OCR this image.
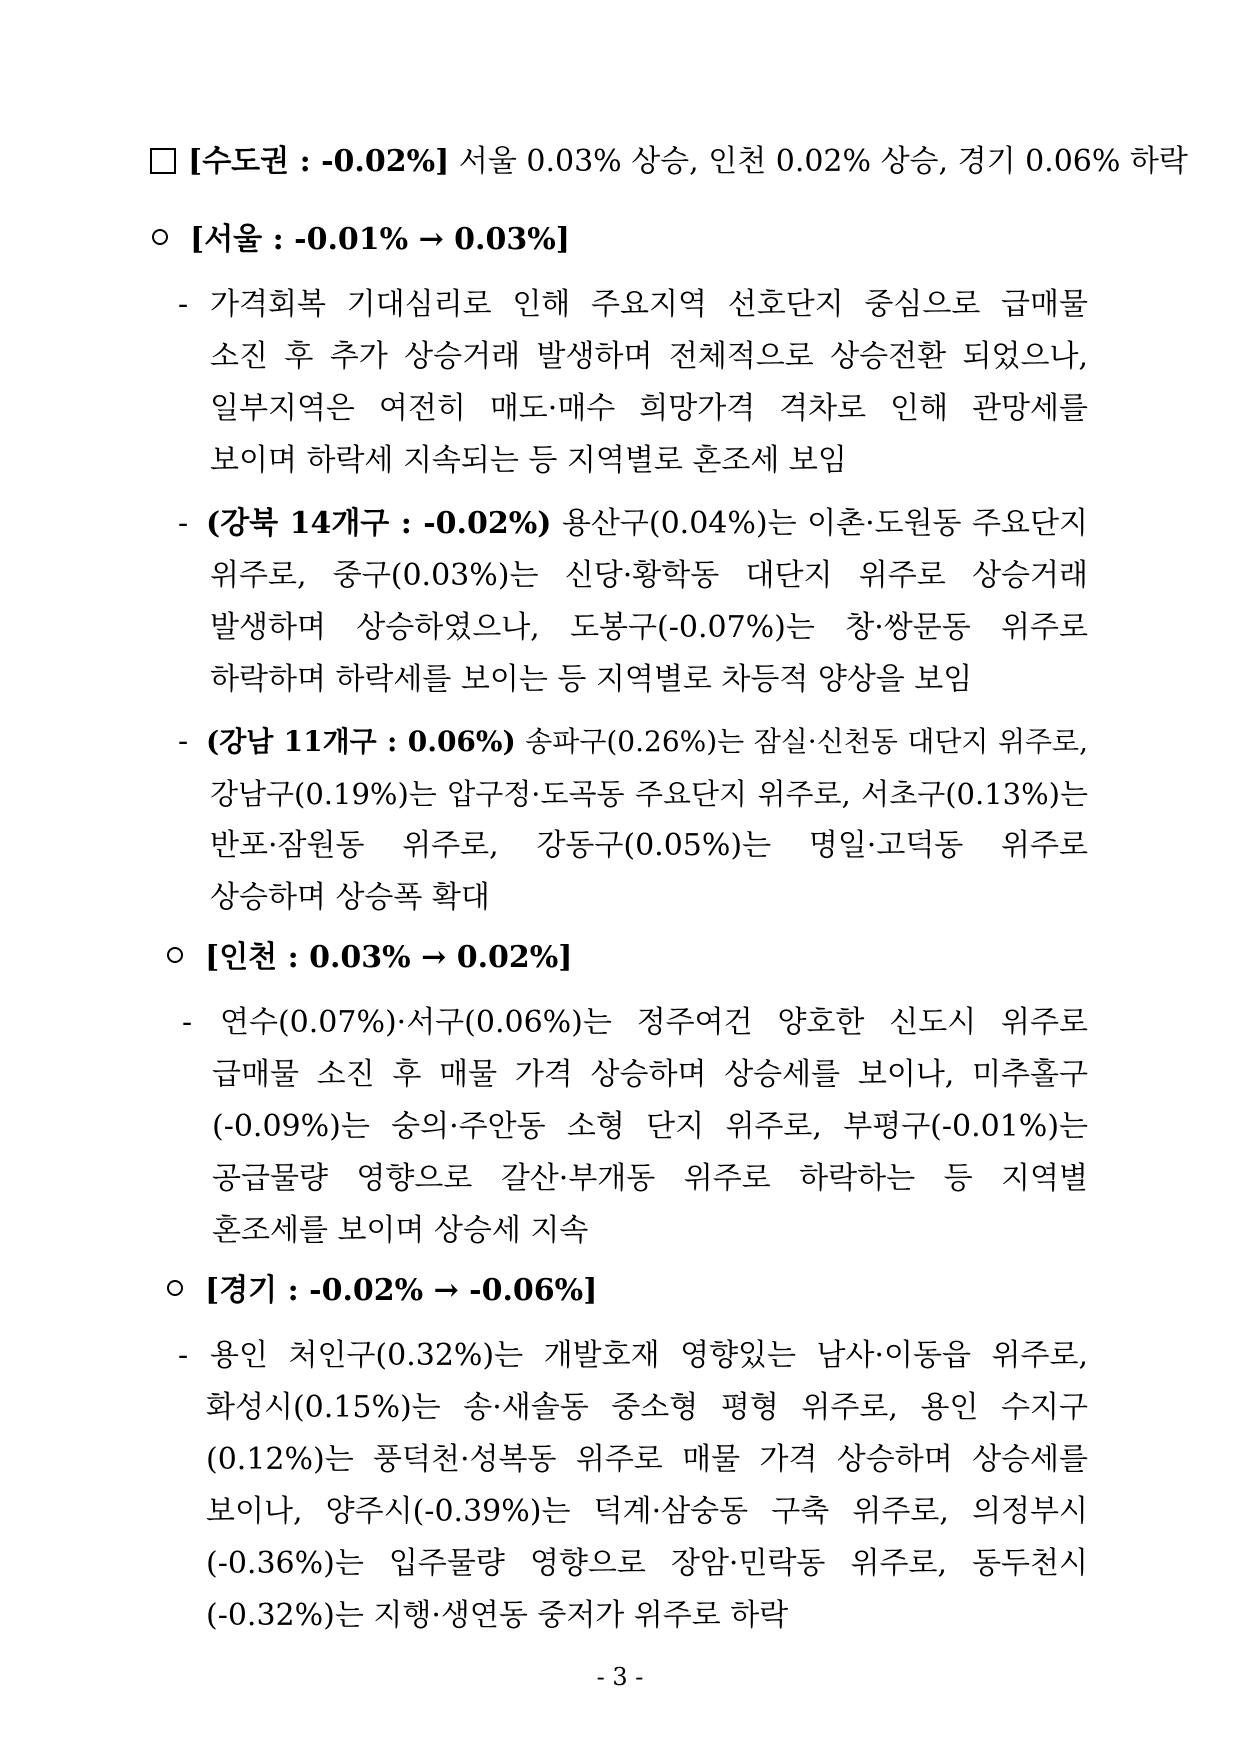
[수도권 : -0.02%] 서울 0.03% 상승, 인천 0.02% 상승, 경기 0.06% 하락
[서울 : -0.01% → 0.03%]
- 가격회복 기대심리로 인해 주요지역 선호단지 중심으로 급매물
소진 후 추가 상승거래 발생하며 전체적으로 상승전환 되었으나,
일부지역은 여전히 매도·매수 희망가격 격차로 인해 관망세를
보이며 하락세 지속되는 등 지역별로 혼조세 보임
- (강북 14개구 : -0.02%) 용산구(0.04%)는 이촌·도원동 주요단지
위주로, 중구(0.03%)는 신당·황학동 대단지 위주로 상승거래
발생하며 상승하였으나, 도봉구(-0.07%)는 창·쌍문동 위주로
하락하며 하락세를 보이는 등 지역별로 차등적 양상을 보임
- (강남 11개구 : 0.06%) 송파구(0.26%)는 잠실·신천동 대단지 위주로,
강남구(0.19%)는 압구정·도곡동 주요단지 위주로, 서초구(0.13%)는
반포·잠원동 위주로, 강동구(0.05%)는 명일·고덕동 위주로
상승하며 상승폭 확대
[인천 : 0.03% → 0.02%]
- 연수(0.07%)·서구(0.06%)는 정주여건 양호한 신도시 위주로
급매물 소진 후 매물 가격 상승하며 상승세를 보이나, 미추홀구
(-0.09%)는 숭의·주안동 소형 단지 위주로, 부평구(-0.01%)는
공급물량 영향으로 갈산·부개동 위주로 하락하는 등 지역별
혼조세를 보이며 상승세 지속
[경기 : -0.02% → -0.06%]
- 용인 처인구(0.32%)는 개발호재 영향있는 남사·이동읍 위주로,
화성시(0.15%)는 송·새솔동 중소형 평형 위주로, 용인 수지구
(0.12%)는 풍덕천·성복동 위주로 매물 가격 상승하며 상승세를
보이나, 양주시(-0.39%)는 덕계·삼숭동 구축 위주로, 의정부시
(-0.36%)는 입주물량 영향으로 장암·민락동 위주로, 동두천시
(-0.32%)는 지행·생연동 중저가 위주로 하락
- 3 -
